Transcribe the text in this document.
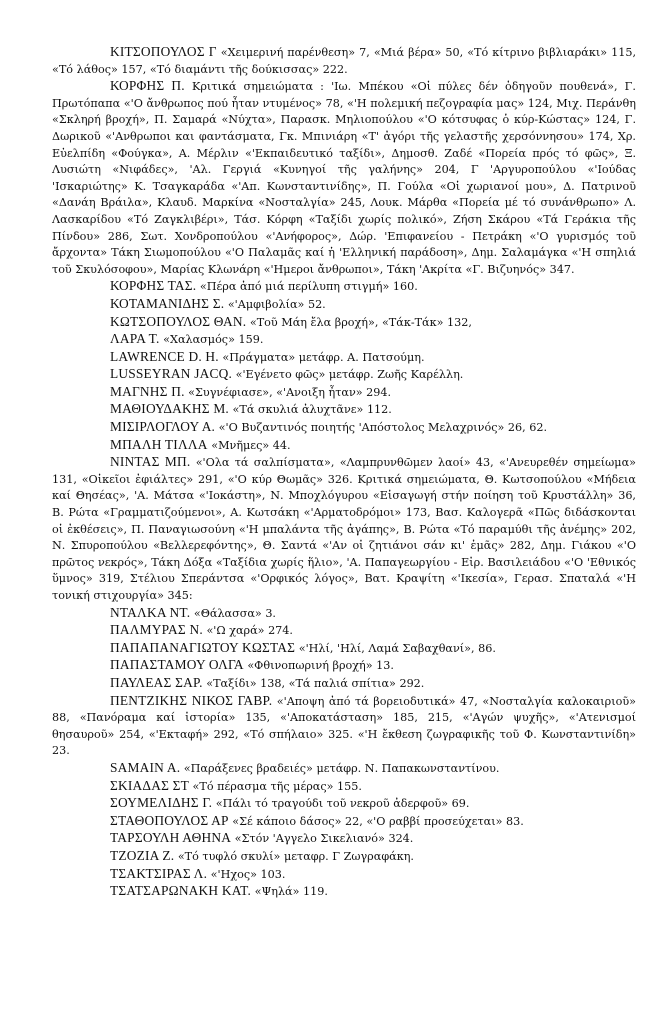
ΚΙΤΣΟΠΟΥΛΟΣ Γ «Χειμερινή παρένθεση» 7, «Μιά βέρα» 50, «Τό κίτρινο βιβλιαράκι» 115, «Τό λάθος» 157, «Τό διαμάντι τῆς δούκισσας» 222.

ΚΟΡΦΗΣ Π. Κριτικά σημειώματα : 'Ιω. Μπέκου «Οἱ πύλες δέν ὁδηγοῦν πουθενά», Γ. Πρωτόπαπα «'Ο ἄνθρωπος πού ἦταν ντυμένος» 78, «'Η πολεμική πεζογραφία μας» 124, Μιχ. Περάνθη «Σκληρή βροχή», Π. Σαμαρά «Νύχτα», Παρασκ. Μηλιοπούλου «'Ο κότσυφας ὁ κύρ-Κώστας» 124, Γ. Δωρικοῦ «'Ανθρωποι και φαντάσματα, Γκ. Μπινιάρη «Τ' ἀγόρι τῆς γελαστῆς χερσόννησου» 174, Χρ. Εὐελπίδη «Φούγκα», Α. Μέρλιν «'Εκπαιδευτικό ταξίδι», Δημοσθ. Ζαδέ «Πορεία πρός τό φῶς», Ξ. Λυσιώτη «Νιφάδες», 'Αλ. Γεργιά «Κυνηγοί τῆς γαλήνης» 204, Γ 'Αργυροπούλου «'Ιούδας 'Ισκαριώτης» Κ. Τσαγκαράδα «'Απ. Κωνσταντινίδης», Π. Γούλα «Οἱ χωριανοί μου», Δ. Πατρινοῦ «Δανάη Βράιλα», Κλαυδ. Μαρκίνα «Νοσταλγία» 245, Λουκ. Μάρθα «Πορεία μέ τό συνάνθρωπο» Λ. Λασκαρίδου «Τό Ζαγκλιβέρι», Τάσ. Κόρφη «Ταξίδι χωρίς πολικό», Ζήση Σκάρου «Τά Γεράκια τῆς Πίνδου» 286, Σωτ. Χονδροπούλου «'Ανήφορος», Δώρ. 'Επιφανείου - Πετράκη «'Ο γυρισμός τοῦ ἄρχοντα» Τάκη Σιωμοπούλου «'Ο Παλαμᾶς καί ἡ 'Ελληνική παράδοση», Δημ. Σαλαμάγκα «'Η σπηλιά τοῦ Σκυλόσοφου», Μαρίας Κλωνάρη «'Ημεροι ἄνθρωποι», Τάκη 'Ακρίτα «Γ. Βιζυηνός» 347.

ΚΟΡΦΗΣ ΤΑΣ. «Πέρα ἀπό μιά περίλυπη στιγμή» 160.

ΚΟΤΑΜΑΝΙΔΗΣ Σ. «'Αμφιβολία» 52.

ΚΩΤΣΟΠΟΥΛΟΣ ΘΑΝ. «Τοῦ Μάη ἔλα βροχή», «Τάκ-Τάκ» 132,

ΛΑΡΑ Τ. «Χαλασμός» 159.

LAWRENCE D. H. «Πράγματα» μετάφρ. Α. Πατσούμη.

LUSSEYRAN JACQ. «'Εγένετο φῶς» μετάφρ. Ζωῆς Καρέλλη.

ΜΑΓΝΗΣ Π. «Συγνέφιασε», «'Ανοιξη ἦταν» 294.

ΜΑΘΙΟΥΔΑΚΗΣ Μ. «Τά σκυλιά ἀλυχτᾶνε» 112.

ΜΙΣΙΡΛΟΓΛΟΥ Α. «'Ο Βυζαντινός ποιητής 'Απόστολος Μελαχρινός» 26, 62.

ΜΠΑΛΗ ΤΙΛΛΑ «Μνῆμες» 44.

ΝΙΝΤΑΣ ΜΠ. «'Ολα τά σαλπίσματα», «Λαμπρυνθῶμεν λαοί» 43, «'Ανευρεθέν σημείωμα» 131, «Οἰκεῖοι ἐφιάλτες» 291, «'Ο κύρ Θωμᾶς» 326. Κριτικά σημειώματα, Θ. Κωτσοπούλου «Μήδεια καί Θησέας», 'Α. Μάτσα «'Ιοκάστη», Ν. Μποχλόγυρου «Εἰσαγωγή στήν ποίηση τοῦ Κρυστάλλη» 36, Β. Ρώτα «Γραμματιζούμενοι», Α. Κωτσάκη «'Αρματοδρόμοι» 173, Βασ. Καλογερᾶ «Πῶς διδάσκονται οἱ ἐκθέσεις», Π. Παναγιωσούνη «'Η μπαλάντα τῆς ἀγάπης», Β. Ρώτα «Τό παραμύθι τῆς ἀνέμης» 202, Ν. Σπυροπούλου «Βελλερεφόντης», Θ. Σαντά «'Αν οἱ ζητιάνοι σάν κι' ἐμᾶς» 282, Δημ. Γιάκου «'Ο πρῶτος νεκρός», Τάκη Δόξα «Ταξίδια χωρίς ἥλιο», 'Α. Παπαγεωργίου - Εἰρ. Βασιλειάδου «'Ο 'Εθνικός ὕμνος» 319, Στέλιου Σπεράντσα «'Ορφικός λόγος», Βατ. Κραψίτη «'Ικεσία», Γερασ. Σπαταλά «'Η τονική στιχουργία» 345:

ΝΤΑΛΚΑ ΝΤ. «Θάλασσα» 3.

ΠΑΛΜΥΡΑΣ Ν. «'Ω χαρά» 274.

ΠΑΠΑΠΑΝΑΓΙΩΤΟΥ ΚΩΣΤΑΣ «'Ηλί, 'Ηλί, Λαμά Σαβαχθανί», 86.

ΠΑΠΑΣΤΑΜΟΥ ΟΛΓΑ «Φθινοπωρινή βροχή» 13.

ΠΑΥΛΕΑΣ ΣΑΡ. «Ταξίδι» 138, «Τά παλιά σπίτια» 292.

ΠΕΝΤΖΙΚΗΣ ΝΙΚΟΣ ΓΑΒΡ. «'Αποψη ἀπό τά βορειοδυτικά» 47, «Νοσταλγία καλοκαιριοῦ» 88, «Πανόραμα καί ἱστορία» 135, «'Αποκατάσταση» 185, 215, «'Αγών ψυχῆς», «'Ατενισμοί θησαυροῦ» 254, «'Εκταφή» 292, «Τό σπήλαιο» 325. «'Η ἔκθεση ζωγραφικῆς τοῦ Φ. Κωνσταντινίδη» 23.

SAMAIN A. «Παράξενες βραδειές» μετάφρ. Ν. Παπακωνσταντίνου.

ΣΚΙΑΔΑΣ ΣΤ «Τό πέρασμα τῆς μέρας» 155.

ΣΟΥΜΕΛΙΔΗΣ Γ. «Πάλι τό τραγούδι τοῦ νεκροῦ ἀδερφοῦ» 69.

ΣΤΑΘΟΠΟΥΛΟΣ ΑΡ «Σέ κάποιο δάσος» 22, «'Ο ραββί προσεύχεται» 83.

ΤΑΡΣΟΥΛΗ ΑΘΗΝΑ «Στόν 'Αγγελο Σικελιανό» 324.

ΤΖΟΖΙΑ Ζ. «Τό τυφλό σκυλί» μεταφρ. Γ Ζωγραφάκη.

ΤΣΑΚΤΣΙΡΑΣ Λ. «'Ηχος» 103.

ΤΣΑΤΣΑΡΩΝΑΚΗ ΚΑΤ. «Ψηλά» 119.
